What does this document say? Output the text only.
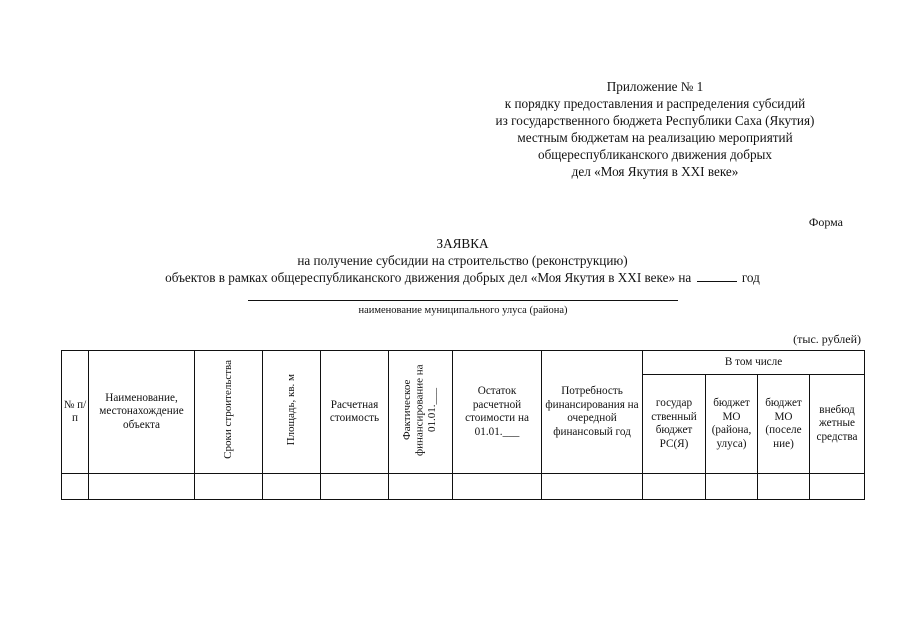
Приложение № 1
к порядку предоставления и распределения субсидий
из государственного бюджета Республики Саха (Якутия)
местным бюджетам на реализацию мероприятий
общереспубликанского движения добрых
дел «Моя Якутия в XXI веке»
Форма
ЗАЯВКА
на получение субсидии на строительство (реконструкцию)
объектов в рамках общереспубликанского движения добрых дел «Моя Якутия в XXI веке» на	год
наименование муниципального улуса (района)
(тыс. рублей)
№ п/п	Наименование, местонахождение объекта	Сроки строительства	Площадь, кв. м	Расчетная стоимость	Фактическое финансирование на 01.01.___	Остаток расчетной стоимости на 01.01.___	Потребность финансирования на очередной финансовый год	В том числе			
								государ ственный бюджет РС(Я)	бюджет МО (района, улуса)	бюджет МО (поселе ние)	внебюд жетные средства
